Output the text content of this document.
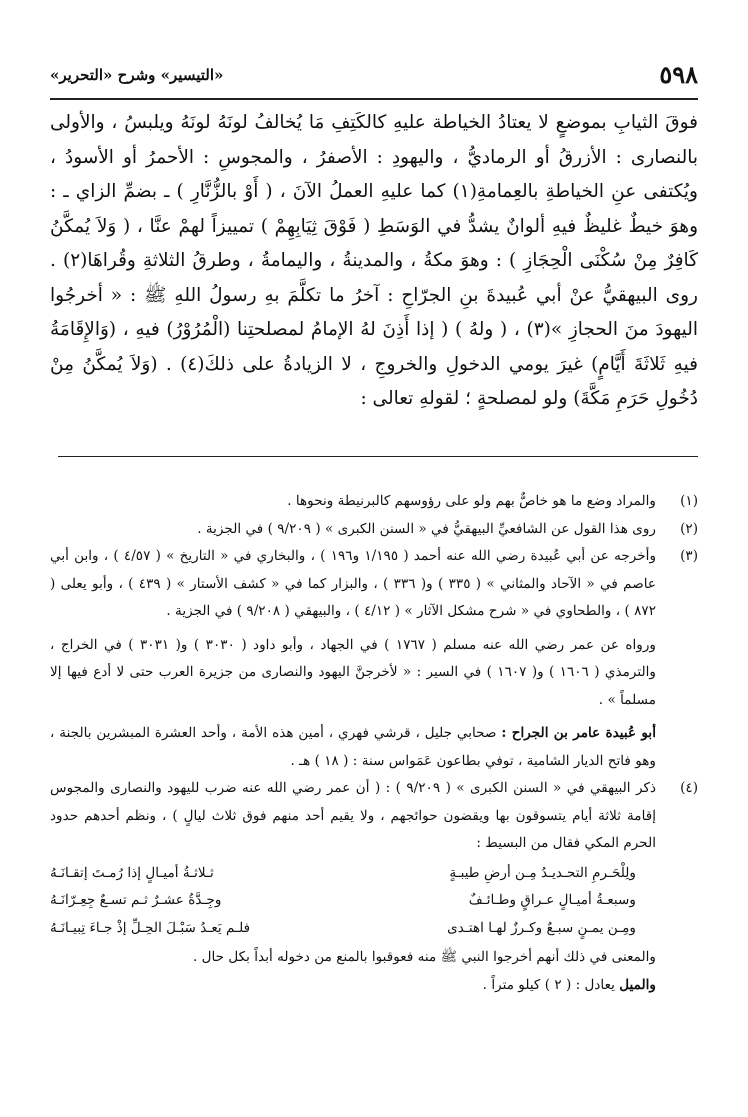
٥٩٨
«التيسير» وشرح «التحرير»

فوقَ الثيابِ بموضعٍ لا يعتادُ الخياطة عليهِ كالكَتِفِ مَا يُخالفُ لونَهُ لونَهُ ويلبسُ ، والأولى بالنصارى : الأزرقُ أو الرماديُّ ، واليهودِ : الأصفرُ ، والمجوسِ : الأحمرُ أو الأسودُ ، ويُكتفى عنِ الخياطةِ بالعِمامةِ(١) كما عليهِ العملُ الآنَ ، ( أَوْ بالزُّنَّارِ ) ـ بضمِّ الزاي ـ : وهوَ خيطٌ غليظٌ فيهِ ألوانٌ يشدُّ في الوَسَطِ ( فَوْقَ ثِيَابِهِمْ ) تمييزاً لهمْ عنَّا ، ( وَلاَ يُمكَّنُ كَافِرٌ مِنْ سُكْنَى الْحِجَازِ ) : وهوَ مكةُ ، والمدينةُ ، واليمامةُ ، وطرقُ الثلاثةِ وقُراهَا(٢) . روى البيهقيُّ عنْ أبي عُبيدةَ بنِ الجرّاحِ : آخرُ ما تكلَّمَ بهِ رسولُ اللهِ ﷺ : « أخرجُوا اليهودَ منَ الحجازِ »(٣) ، ( ولهُ ) ( إذا أَذِنَ لهُ الإمامُ لمصلحتِنا (الْمُرُوْرُ) فيهِ ، (وَالإِقَامَةُ فيهِ ثَلاثَةَ أَيَّامٍ) غيرَ يومي الدخولِ والخروجِ ، لا الزيادةُ على ذلكَ(٤) . (وَلاَ يُمكَّنُ مِنْ دُخُولِ حَرَمِ مَكَّةَ) ولو لمصلحةٍ ؛ لقولهِ تعالى :

(١)

والمراد وضع ما هو خاصٌّ بهم ولو على رؤوسهم كالبرنيطة ونحوها .

(٢)

روى هذا القول عن الشافعيِّ البيهقيُّ في « السنن الكبرى » ( ٩/٢٠٩ ) في الجزية .

(٣)

وأخرجه عن أبي عُبيدة رضي الله عنه أحمد ( ١/١٩٥ و١٩٦ ) ، والبخاري في « التاريخ » ( ٤/٥٧ ) ، وابن أبي عاصم في « الآحاد والمثاني » ( ٣٣٥ ) و( ٣٣٦ ) ، والبزار كما في « كشف الأستار » ( ٤٣٩ ) ، وأبو يعلى ( ٨٧٢ ) ، والطحاوي في « شرح مشكل الآثار » ( ٤/١٢ ) ، والبيهقي ( ٩/٢٠٨ ) في الجزية .

ورواه عن عمر رضي الله عنه مسلم ( ١٧٦٧ ) في الجهاد ، وأبو داود ( ٣٠٣٠ ) و( ٣٠٣١ ) في الخراج ، والترمذي ( ١٦٠٦ ) و( ١٦٠٧ ) في السير : « لأخرجنَّ اليهود والنصارى من جزيرة العرب حتى لا أدع فيها إلا مسلماً » .

أبو عُبيدة عامر بن الجراح : صحابي جليل ، قرشي فهري ، أمين هذه الأمة ، وأحد العشرة المبشرين بالجنة ، وهو فاتح الديار الشامية ، توفي بطاعون عَمَواس سنة : ( ١٨ ) هـ .

(٤)

ذكر البيهقي في « السنن الكبرى » ( ٩/٢٠٩ ) : ( أن عمر رضي الله عنه ضرب لليهود والنصارى والمجوس إقامة ثلاثة أيام يتسوقون بها ويقضون حوائجهم ، ولا يقيم أحد منهم فوق ثلاث ليالٍ ) ، ونظم أحدهم حدود الحرم المكي فقال من البسيط :

ولِلْحَـرمِ التحـديـدُ مِـن أرضِ طيبـةٍ
ثـلاثـةُ أميـالٍ إذا رُمـتَ إتقـانَـهُ
وسبعـةُ أميـالٍ عـراقٍ وطـائـفٌ
وجِـدَّةُ عشـرٌ ثـم تسـعٌ جِعِـرّانَـهُ
ومِـن يمـنٍ سبـعٌ وكـرزٌ لهـا اهتـدى
فلـم يَعـدُ سَبْـلَ الحِـلِّ إذْ جـاءَ تِبيـانَـهُ

والمعنى في ذلك أنهم أخرجوا النبي ﷺ منه فعوقبوا بالمنع من دخوله أبداً بكل حال .

والميل يعادل : ( ٢ ) كيلو متراً .
